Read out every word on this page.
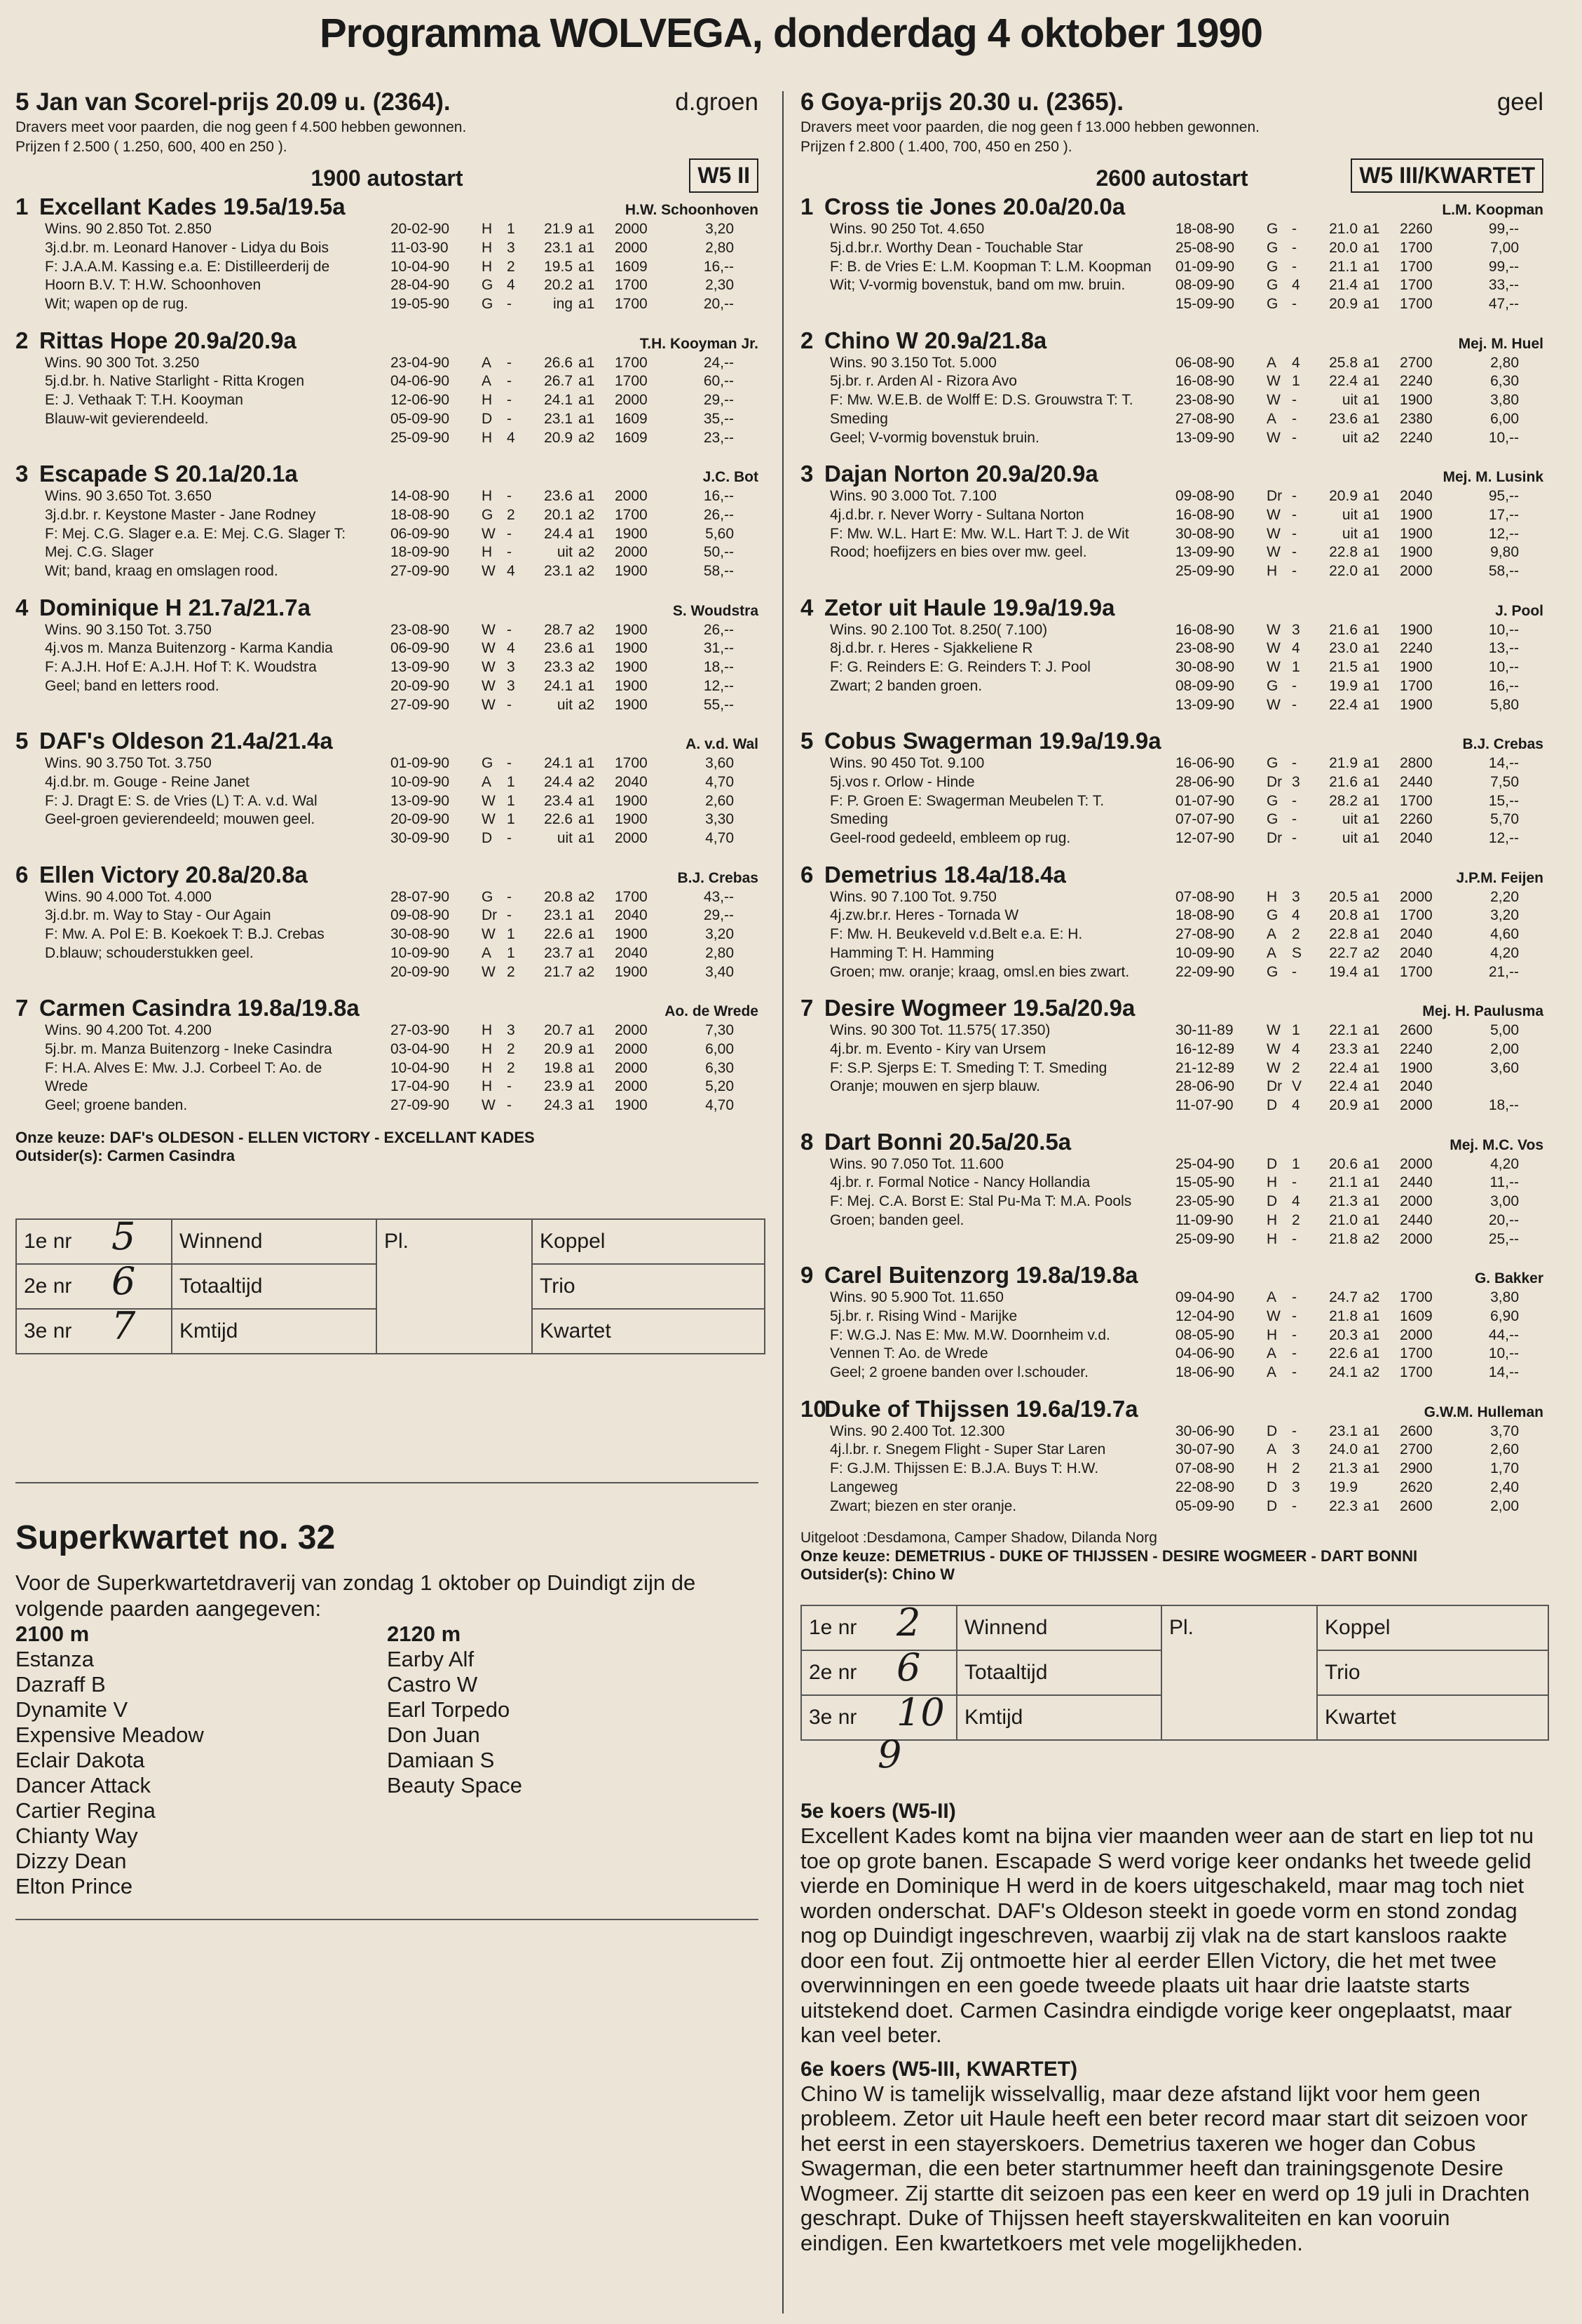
Programma WOLVEGA, donderdag 4 oktober 1990
5 Jan van Scorel-prijs 20.09 u. (2364).	d.groen
Dravers meet voor paarden, die nog geen f 4.500 hebben gewonnen.
Prijzen f 2.500 ( 1.250, 600, 400 en 250 ).
1900 autostart	W5 II
1 Excellant Kades 19.5a/19.5a	H.W. Schoonhoven
Wins. 90 2.850 Tot. 2.850
3j.d.br. m. Leonard Hanover - Lidya du Bois
F: J.A.A.M. Kassing e.a. E: Distilleerderij de
Hoorn B.V. T: H.W. Schoonhoven
Wit; wapen op de rug.
20-02-90	H 1	21.9 a1	2000	3,20
11-03-90	H 3	23.1 a1	2000	2,80
10-04-90	H 2	19.5 a1	1609	16,--
28-04-90	G 4	20.2 a1	1700	2,30
19-05-90	G -	ing a1	1700	20,--
2 Rittas Hope 20.9a/20.9a	T.H. Kooyman Jr.
Wins. 90 300 Tot. 3.250
5j.d.br. h. Native Starlight - Ritta Krogen
E: J. Vethaak T: T.H. Kooyman
Blauw-wit gevierendeeld.
23-04-90	A	-	26.6 a1	1700	24,--
04-06-90	A	-	26.7 a1	1700	60,--
12-06-90	H -	24.1 a1	2000	29,--
05-09-90	D -	23.1 a1	1609	35,--
25-09-90	H 4	20.9 a2	1609	23,--
3 Escapade S 20.1a/20.1a	J.C. Bot
Wins. 90 3.650 Tot. 3.650
3j.d.br. r. Keystone Master - Jane Rodney
F: Mej. C.G. Slager e.a. E: Mej. C.G. Slager T:
Mej. C.G. Slager
Wit; band, kraag en omslagen rood.
14-08-90	H -	23.6 a1	2000	16,--
18-08-90	G 2	20.1 a2	1700	26,--
06-09-90	W -	24.4 a1	1900	5,60
18-09-90	H -	uit a2	2000	50,--
27-09-90	W 4	23.1 a2	1900	58,--
4 Dominique H 21.7a/21.7a	S. Woudstra
Wins. 90 3.150 Tot. 3.750
4j.vos m. Manza Buitenzorg - Karma Kandia
F: A.J.H. Hof E: A.J.H. Hof T: K. Woudstra
Geel; band en letters rood.
23-08-90	W -	28.7 a2	1900	26,--
06-09-90	W 4	23.6 a1	1900	31,--
13-09-90	W 3	23.3 a2	1900	18,--
20-09-90	W 3	24.1 a1	1900	12,--
27-09-90	W -	uit a2	1900	55,--
5 DAF's Oldeson 21.4a/21.4a	A. v.d. Wal
Wins. 90 3.750 Tot. 3.750
4j.d.br. m. Gouge - Reine Janet
F: J. Dragt E: S. de Vries (L) T: A. v.d. Wal
Geel-groen gevierendeeld; mouwen geel.
01-09-90	G -	24.1 a1	1700	3,60
10-09-90	A	1	24.4 a2	2040	4,70
13-09-90	W 1	23.4 a1	1900	2,60
20-09-90	W 1	22.6 a1	1900	3,30
30-09-90	D -	uit a1	2000	4,70
6 Ellen Victory 20.8a/20.8a	B.J. Crebas
Wins. 90 4.000 Tot. 4.000
3j.d.br. m. Way to Stay - Our Again
F: Mw. A. Pol E: B. Koekoek T: B.J. Crebas
D.blauw; schouderstukken geel.
28-07-90	G -	20.8 a2	1700	43,--
09-08-90	Dr -	23.1 a1	2040	29,--
30-08-90	W 1	22.6 a1	1900	3,20
10-09-90	A	1	23.7 a1	2040	2,80
20-09-90	W 2	21.7 a2	1900	3,40
7 Carmen Casindra 19.8a/19.8a	Ao. de Wrede
Wins. 90 4.200 Tot. 4.200
5j.br. m. Manza Buitenzorg - Ineke Casindra
F: H.A. Alves E: Mw. J.J. Corbeel T: Ao. de
Wrede
Geel; groene banden.
27-03-90	H 3	20.7 a1	2000	7,30
03-04-90	H 2	20.9 a1	2000	6,00
10-04-90	H 2	19.8 a1	2000	6,30
17-04-90	H -	23.9 a1	2000	5,20
27-09-90	W -	24.3 a1	1900	4,70
Onze keuze: DAF's OLDESON - ELLEN VICTORY - EXCELLANT KADES
Outsider(s): Carmen Casindra
1e nr 5	Winnend	Pl.	Koppel
2e nr 6	Totaaltijd		Trio
3e nr 7	Kmtijd		Kwartet
Superkwartet no. 32
Voor de Superkwartetdraverij van zondag 1 oktober op Duindigt zijn de volgende paarden aangegeven:
2100 m
Estanza
Dazraff B
Dynamite V
Expensive Meadow
Eclair Dakota
Dancer Attack
Cartier Regina
Chianty Way
Dizzy Dean
Elton Prince
2120 m
Earby Alf
Castro W
Earl Torpedo
Don Juan
Damiaan S
Beauty Space
6 Goya-prijs 20.30 u. (2365).	geel
Dravers meet voor paarden, die nog geen f 13.000 hebben gewonnen.
Prijzen f 2.800 ( 1.400, 700, 450 en 250 ).
2600 autostart	W5 III/KWARTET
1 Cross tie Jones 20.0a/20.0a	L.M. Koopman
Wins. 90 250 Tot. 4.650
5j.d.br.r. Worthy Dean - Touchable Star
F: B. de Vries E: L.M. Koopman T: L.M. Koopman
Wit; V-vormig bovenstuk, band om mw. bruin.
18-08-90	G -	21.0 a1	2260	99,--
25-08-90	G -	20.0 a1	1700	7,00
01-09-90	G -	21.1 a1	1700	99,--
08-09-90	G 4	21.4 a1	1700	33,--
15-09-90	G -	20.9 a1	1700	47,--
2 Chino W 20.9a/21.8a	Mej. M. Huel
Wins. 90 3.150 Tot. 5.000
5j.br. r. Arden Al - Rizora Avo
F: Mw. W.E.B. de Wolff E: D.S. Grouwstra T: T.
Smeding
Geel; V-vormig bovenstuk bruin.
06-08-90	A	4	25.8 a1	2700	2,80
16-08-90	W 1	22.4 a1	2240	6,30
23-08-90	W -	uit a1	1900	3,80
27-08-90	A	-	23.6 a1	2380	6,00
13-09-90	W -	uit a2	2240	10,--
3 Dajan Norton 20.9a/20.9a	Mej. M. Lusink
Wins. 90 3.000 Tot. 7.100
4j.d.br. r. Never Worry - Sultana Norton
F: Mw. W.L. Hart E: Mw. W.L. Hart T: J. de Wit
Rood; hoefijzers en bies over mw. geel.
09-08-90	Dr -	20.9 a1	2040	95,--
16-08-90	W -	uit a1	1900	17,--
30-08-90	W -	uit a1	1900	12,--
13-09-90	W -	22.8 a1	1900	9,80
25-09-90	H -	22.0 a1	2000	58,--
4 Zetor uit Haule 19.9a/19.9a	J. Pool
Wins. 90 2.100 Tot. 8.250( 7.100)
8j.d.br. r. Heres - Sjakkeliene R
F: G. Reinders E: G. Reinders T: J. Pool
Zwart; 2 banden groen.
16-08-90	W 3	21.6 a1	1900	10,--
23-08-90	W 4	23.0 a1	2240	13,--
30-08-90	W 1	21.5 a1	1900	10,--
08-09-90	G -	19.9 a1	1700	16,--
13-09-90	W -	22.4 a1	1900	5,80
5 Cobus Swagerman 19.9a/19.9a	B.J. Crebas
Wins. 90 450 Tot. 9.100
5j.vos r. Orlow - Hinde
F: P. Groen E: Swagerman Meubelen T: T.
Smeding
Geel-rood gedeeld, embleem op rug.
16-06-90	G -	21.9 a1	2800	14,--
28-06-90	Dr 3	21.6 a1	2440	7,50
01-07-90	G -	28.2 a1	1700	15,--
07-07-90	G -	uit a1	2260	5,70
12-07-90	Dr -	uit a1	2040	12,--
6 Demetrius 18.4a/18.4a	J.P.M. Feijen
Wins. 90 7.100 Tot. 9.750
4j.zw.br.r. Heres - Tornada W
F: Mw. H. Beukeveld v.d.Belt e.a. E: H.
Hamming T: H. Hamming
Groen; mw. oranje; kraag, omsl.en bies zwart.
07-08-90	H 3	20.5 a1	2000	2,20
18-08-90	G 4	20.8 a1	1700	3,20
27-08-90	A	2	22.8 a1	2040	4,60
10-09-90	A	S	22.7 a2	2040	4,20
22-09-90	G -	19.4 a1	1700	21,--
7 Desire Wogmeer 19.5a/20.9a	Mej. H. Paulusma
Wins. 90 300 Tot. 11.575( 17.350)
4j.br. m. Evento - Kiry van Ursem
F: S.P. Sjerps E: T. Smeding T: T. Smeding
Oranje; mouwen en sjerp blauw.
30-11-89	W 1	22.1 a1	2600	5,00
16-12-89	W 4	23.3 a1	2240	2,00
21-12-89	W 2	22.4 a1	1900	3,60
28-06-90	Dr V	22.4 a1	2040
11-07-90	D 4	20.9 a1	2000	18,--
8 Dart Bonni 20.5a/20.5a	Mej. M.C. Vos
Wins. 90 7.050 Tot. 11.600
4j.br. r. Formal Notice - Nancy Hollandia
F: Mej. C.A. Borst E: Stal Pu-Ma T: M.A. Pools
Groen; banden geel.
25-04-90	D 1	20.6 a1	2000	4,20
15-05-90	H -	21.1 a1	2440	11,--
23-05-90	D 4	21.3 a1	2000	3,00
11-09-90	H 2	21.0 a1	2440	20,--
25-09-90	H -	21.8 a2	2000	25,--
9 Carel Buitenzorg 19.8a/19.8a	G. Bakker
Wins. 90 5.900 Tot. 11.650
5j.br. r. Rising Wind - Marijke
F: W.G.J. Nas E: Mw. M.W. Doornheim v.d.
Vennen T: Ao. de Wrede
Geel; 2 groene banden over l.schouder.
09-04-90	A	-	24.7 a2	1700	3,80
12-04-90	W -	21.8 a1	1609	6,90
08-05-90	H -	20.3 a1	2000	44,--
04-06-90	A	-	22.6 a1	1700	10,--
18-06-90	A	-	24.1 a2	1700	14,--
10Duke of Thijssen 19.6a/19.7a	G.W.M. Hulleman
Wins. 90 2.400 Tot. 12.300
4j.l.br. r. Snegem Flight - Super Star Laren
F: G.J.M. Thijssen E: B.J.A. Buys T: H.W.
Langeweg
Zwart; biezen en ster oranje.
30-06-90	D -	23.1 a1	2600	3,70
30-07-90	A	3	24.0 a1	2700	2,60
07-08-90	H 2	21.3 a1	2900	1,70
22-08-90	D 3	19.9	2620	2,40
05-09-90	D -	22.3 a1	2600	2,00
Uitgeloot :Desdamona, Camper Shadow, Dilanda Norg
Onze keuze: DEMETRIUS - DUKE OF THIJSSEN - DESIRE WOGMEER - DART BONNI
Outsider(s): Chino W
1e nr 2	Winnend	Pl.	Koppel
2e nr 6	Totaaltijd		Trio
3e nr 10	Kmtijd		Kwartet
9
5e koers (W5-II)
Excellent Kades komt na bijna vier maanden weer aan de start en liep tot nu toe op grote banen. Escapade S werd vorige keer ondanks het tweede gelid vierde en Dominique H werd in de koers uitgeschakeld, maar mag toch niet worden onderschat. DAF's Oldeson steekt in goede vorm en stond zondag nog op Duindigt ingeschreven, waarbij zij vlak na de start kansloos raakte door een fout. Zij ontmoette hier al eerder Ellen Victory, die het met twee overwinningen en een goede tweede plaats uit haar drie laatste starts uitstekend doet. Carmen Casindra eindigde vorige keer ongeplaatst, maar kan veel beter.
6e koers (W5-III, KWARTET)
Chino W is tamelijk wisselvallig, maar deze afstand lijkt voor hem geen probleem. Zetor uit Haule heeft een beter record maar start dit seizoen voor het eerst in een stayerskoers. Demetrius taxeren we hoger dan Cobus Swagerman, die een beter startnummer heeft dan trainingsgenote Desire Wogmeer. Zij startte dit seizoen pas een keer en werd op 19 juli in Drachten geschrapt. Duke of Thijssen heeft stayerskwaliteiten en kan vooruin eindigen. Een kwartetkoers met vele mogelijkheden.
